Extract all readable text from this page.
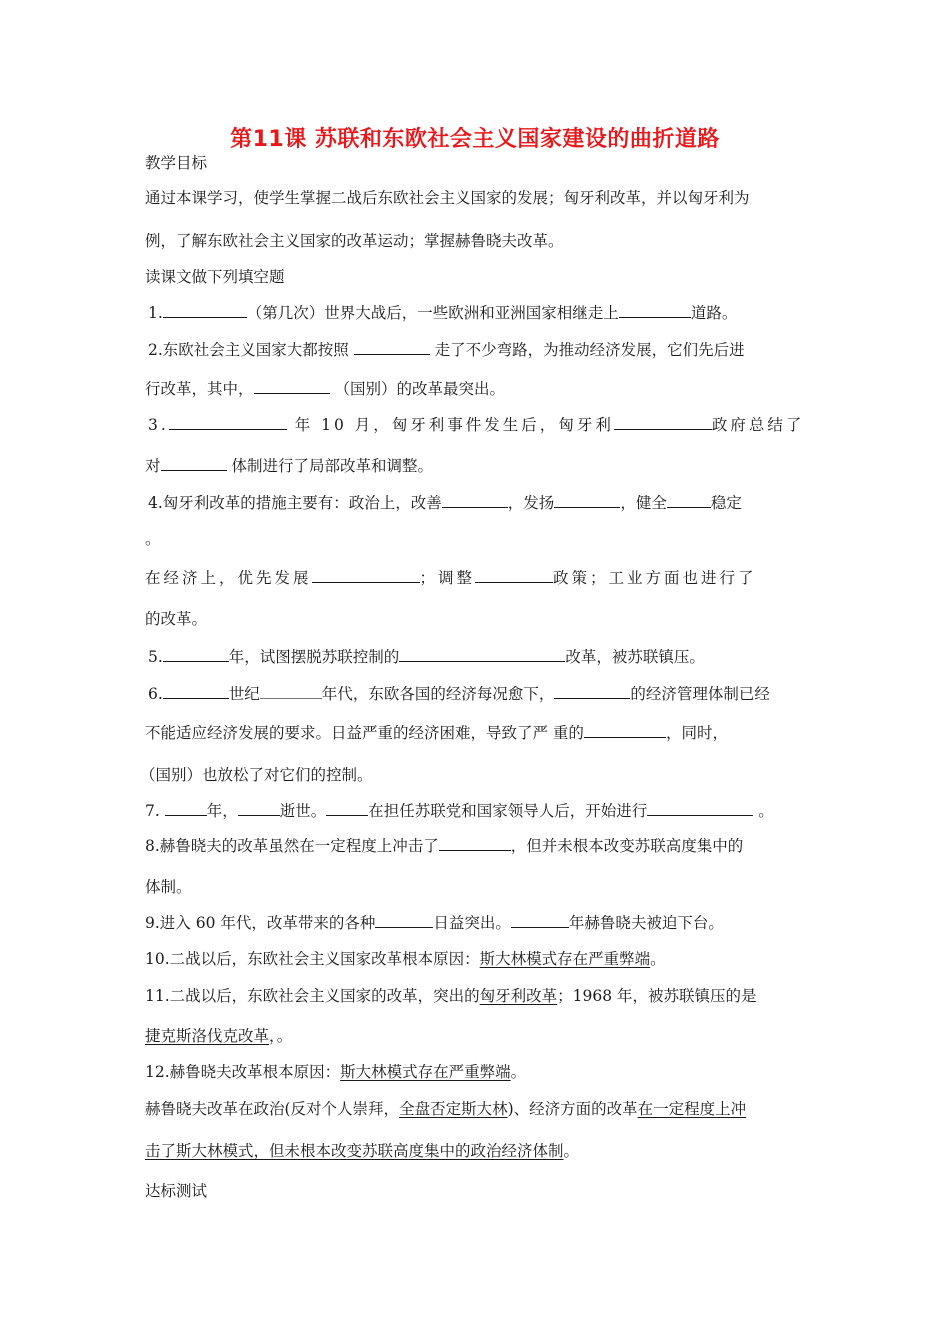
第11课 苏联和东欧社会主义国家建设的曲折道路
教学目标
通过本课学习，使学生掌握二战后东欧社会主义国家的发展；匈牙利改革，并以匈牙利为
例，了解东欧社会主义国家的改革运动；掌握赫鲁晓夫改革。
读课文做下列填空题
1.	（第几次）世界大战后，一些欧洲和亚洲国家相继走上	道路。
2.东欧社会主义国家大都按照	走了不少弯路，为推动经济发展，它们先后进
行改革，其中，	（国别）的改革最突出。
3.	年 10 月，匈牙利事件发生后，匈牙利	政府总结了
对	体制进行了局部改革和调整。
4.匈牙利改革的措施主要有：政治上，改善	，发扬	，健全	稳定
。
在经济上，优先发展	；调整	政策；工业方面也进行了
的改革。
5.	年，试图摆脱苏联控制的	改革，被苏联镇压。
6.	世纪	年代，东欧各国的经济每况愈下，	的经济管理体制已经
不能适应经济发展的要求。日益严重的经济困难，导致了严 重的	，同时，
（国别）也放松了对它们的控制。
7.	年，	逝世。	在担任苏联党和国家领导人后，开始进行	。
8.赫鲁晓夫的改革虽然在一定程度上冲击了	，但并未根本改变苏联高度集中的
体制。
9.进入 60 年代，改革带来的各种	日益突出。	年赫鲁晓夫被迫下台。
10.二战以后，东欧社会主义国家改革根本原因：斯大林模式存在严重弊端。
11.二战以后，东欧社会主义国家的改革，突出的匈牙利改革；1968 年，被苏联镇压的是
捷克斯洛伐克改革，。
12.赫鲁晓夫改革根本原因：斯大林模式存在严重弊端。
赫鲁晓夫改革在政治(反对个人崇拜，全盘否定斯大林)、经济方面的改革在一定程度上冲
击了斯大林模式，但未根本改变苏联高度集中的政治经济体制。
达标测试
